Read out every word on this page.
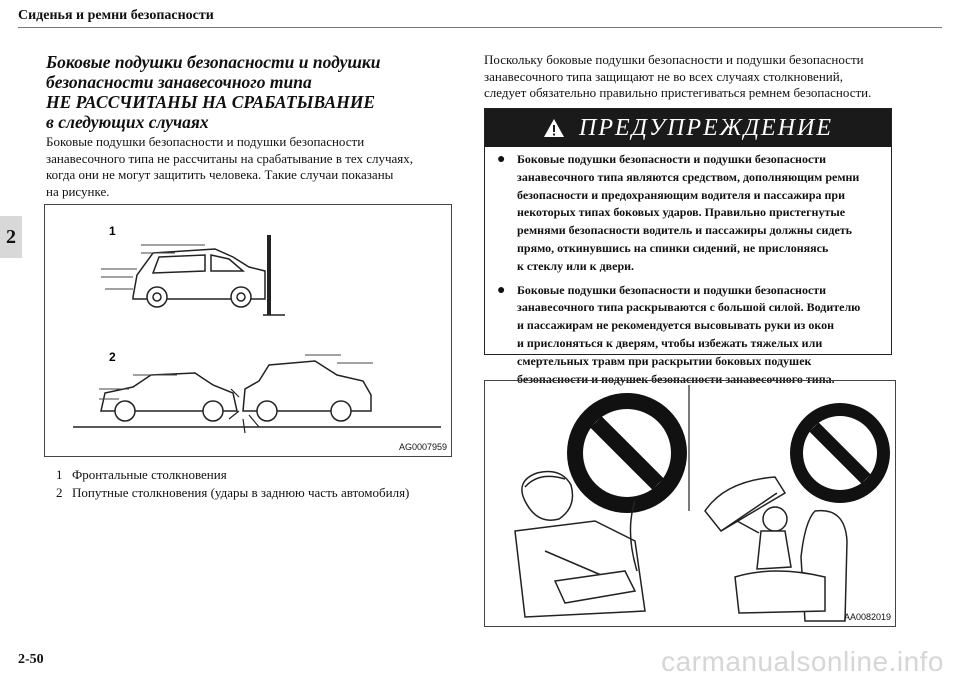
Сиденья и ремни безопасности
2
Боковые подушки безопасности и подушки
безопасности занавесочного типа
НЕ РАССЧИТАНЫ НА СРАБАТЫВАНИЕ
в следующих случаях
Боковые подушки безопасности и подушки безопасности
занавесочного типа не рассчитаны на срабатывание в тех случаях,
когда они не могут защитить человека. Такие случаи показаны
на рисунке.
1
2
AG0007959
1 Фронтальные столкновения
2 Попутные столкновения (удары в заднюю часть автомобиля)
Поскольку боковые подушки безопасности и подушки безопасности
занавесочного типа защищают не во всех случаях столкновений,
следует обязательно правильно пристегиваться ремнем безопасности.
ПРЕДУПРЕЖДЕНИЕ
● Боковые подушки безопасности и подушки безопасности
занавесочного типа являются средством, дополняющим ремни
безопасности и предохраняющим водителя и пассажира при
некоторых типах боковых ударов. Правильно пристегнутые
ремнями безопасности водитель и пассажиры должны сидеть
прямо, откинувшись на спинки сидений, не прислоняясь
к стеклу или к двери.
● Боковые подушки безопасности и подушки безопасности
занавесочного типа раскрываются с большой силой. Водителю
и пассажирам не рекомендуется высовывать руки из окон
и прислоняться к дверям, чтобы избежать тяжелых или
смертельных травм при раскрытии боковых подушек
безопасности и подушек безопасности занавесочного типа.
AA0082019
2-50	carmanualsonline.info
